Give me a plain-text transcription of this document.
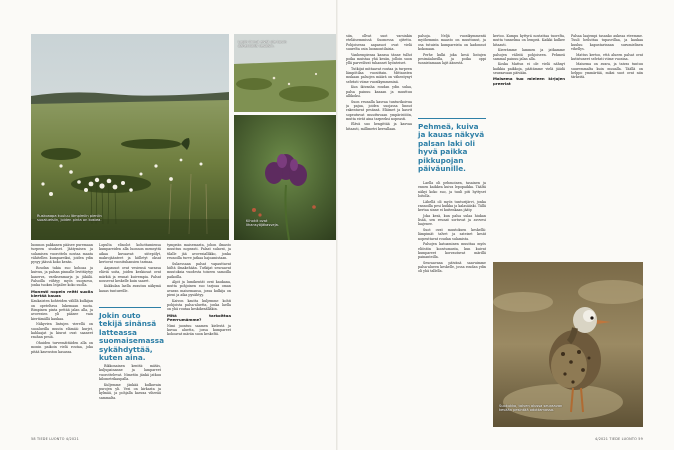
Ruskoaapa kuuluu lämpimiin pieniin suoalueisiin, joiden pinta on kostea.
Lapin linnut eivät ole kovin äänekkäitä kesäisin.
Kihokit ovat lihansyöjäkasveja.

luonnon pakkanen pääsee puremaan turpeen sisukset. Jäätymisen ja sulamisen vuorottelu nostaa maata vähitellen kumpareiksi, joiden ydin pysyy jäässä koko kesän.

Roudan takia suo kohoaa ja kuivuu, ja palsan pinnalle levittäytyy kanerva, variksenmarja ja jäkälä. Palsoilla viihtyy myös suopursu, jonka tuoksu leijailee koko suolla.

Monesti nopein reitti suolla kiertää kauas

Kaukaisten kohteiden välillä kulkijan on opeteltava lukemaan suota. Rimpinen pinta pettää jalan alla, ja avovesien yli pääsee vain kiertämällä kaukaa.

Näkyvien lintujen vierellä on suoalueilla muuta elämää: kurjet, kahlaajat ja kiurut ovat saaneet rauhan pesiä.

Ohuiden turvemättäiden alla on monin paikoin vielä routaa, joka pitää kasvuston kasassa.

Lopulta elinolot kohottamiensa kumpareiden alla luonnon mennyttä aikaa kuvaavat: siitepölyt, makrojäänteet ja hiilletyt oksat kertovat vuosituhansien tarinaa.

Aapasuot ovat vesiensä varassa eläviä soita, joiden keskiosat ovat märkiä ja reunat kuivempia. Palsat nousevat keskelle kuin saaret.

Kukkulan laella avautuu näkymä kauas tuntureille.

Jokin outo tekijä sinänsä latteassa suomaisemassa sykähdyttää, kuten aina.

Rikkonainen kenttä: mätäs, kuljupainanne ja lampareet vuorottelevat. Nimetön jänkä jatkuu kilometrikaupalla.

Kuljemme jänkää kulkuvain purojen yli. Vesi on kirkasta ja kylmää, ja pohjalla kasvaa vihreää sammalta.

tympeän maisemasta, johon ilmasto muuttuu nopeasti. Palsat sulavat, ja tilalle jää avovesiallikko, jonka reunoilla turve jatkaa hajoamistaan.

Sulaessaan palsat vapauttavat hiiltä ilmakehään. Tutkijat seuraavat muutoksia vuodesta toiseen samoilla paikoilla.

Alpit ja lumikentät ovat kaukana, mutta pohjoinen suo tarjoaa oman avaran maisemansa, jossa kulkija on pieni ja aika pysähtyy.

Kaivon kautta kuljemme kohti pohjoista palsa-aluetta, jonka laella on yhä routaa keskikesälläkin.

Mitä tarkoittaa Peerrumämme?

Nimi juontuu saamen kielestä ja kuvaa aluetta, jossa kumpareet kohoavat märän suon keskeltä.

58 TIEDE LUONTO 4/2021

siin, ollvat suot varsinkin eteläisemmissä Suomessa ojitettu. Pohjoisessa aapasuot ovat vielä suurelta osin luonnontilaisia.

Vanhempiensa kanssa tänne tullut poika muistaa yhä kesän, jolloin suon yllä parveilivat tuhannet hyönteiset.

Tutkijat mittaavat routaa ja turpeen lämpötilaa vuosittain. Mittausten mukaan palsojen määrä on vähentynyt selvästi viime vuosikymmeninä.

Kun ikivanha roudan ydin sulaa, palsa painuu kasaan ja muuttuu allikoksi.

Suon reunalla kasvaa tunturikoivua ja pajua, joiden suojassa linnut rakentavat pesänsä. Eläimet ja kasvit sopeutuvat muuttuvaan ympäristöön, mutta eivät aina tarpeeksi nopeasti.

Elävä suo hengittää ja kasvaa hitaasti, millimetri kerrallaan.

palsoja. Neljä vuosikymmentä myöhemmin maasto on muuttunut, ja osa tutuista kumpareista on kadonnut kokonaan.

Perhe kulki joka kesä lintujen pesimäalueilla, ja poika oppi tunnistamaan lajit äänestä.

Pehmeä, kuiva ja kauas näkyvä palsan laki oli hyvä paikka pikkupojan päiväunille.

Laella oli pehmoinen, tasainen ja ennen kaikkea kuiva lepopaikka. Täältä näkyi koko suo, ja tuuli piti hyttyset loitolla.

Lähellä oli myös tunturijärvi, jonka rannoilla pesi kuikka ja kalasääski. Tällä kertaa sinne ei kuitenkaan jääty.

Joka kesä, kun palsa sulaa hiukan lisää, sen reunat sortuvat ja avovesi laajenee.

Suot ovat muutoksen keskellä: lämpimät talvet ja sateiset kesät nopeuttavat roudan sulamista.

Palsojen katoaminen muuttaa myös eliöstön koostumusta, kun kuivat kumpareet korvautuvat märillä painanteilla.

Seuraavana päivänä saavuimme palsa-alueen keskelle, jossa roudan ydin oli yhä tallella.

kertoo. Kumpu kyttyrä nostattaa tuorelta, mutta tunnelma on lempeä. Kaikki kulkee hitaasti.

Kierrämme lammen ja jatkamme palsojen välistä pohjoiseen. Pehmeä sammal painuu jalan alla.

Koska Mattus ei ole vielä nähnyt kaikkia paikkoja, päätämme vielä jäädä seuraavaan päivään.

Maisema tuo mieleen kirjojen preeriat

Palsaa laajempi tasanko aukeaa eteemme. Tuuli heiluttaa tupasvillaa, ja kaukaa kuuluu kapustarinnan surumielinen vihellys.

Mattus kertoo, että alueen palsat ovat kutistuneet selvästi viime vuosina.

Maisema on avara, ja taivas tuntuu suuremmalta kuin muualla. Täällä on helppo ymmärtää, miksi suot ovat niin tärkeitä.

Suokukko, talven alussa seuraavan kevään pesintää odottamassa.
4/2021 TIEDE LUONTO 59
